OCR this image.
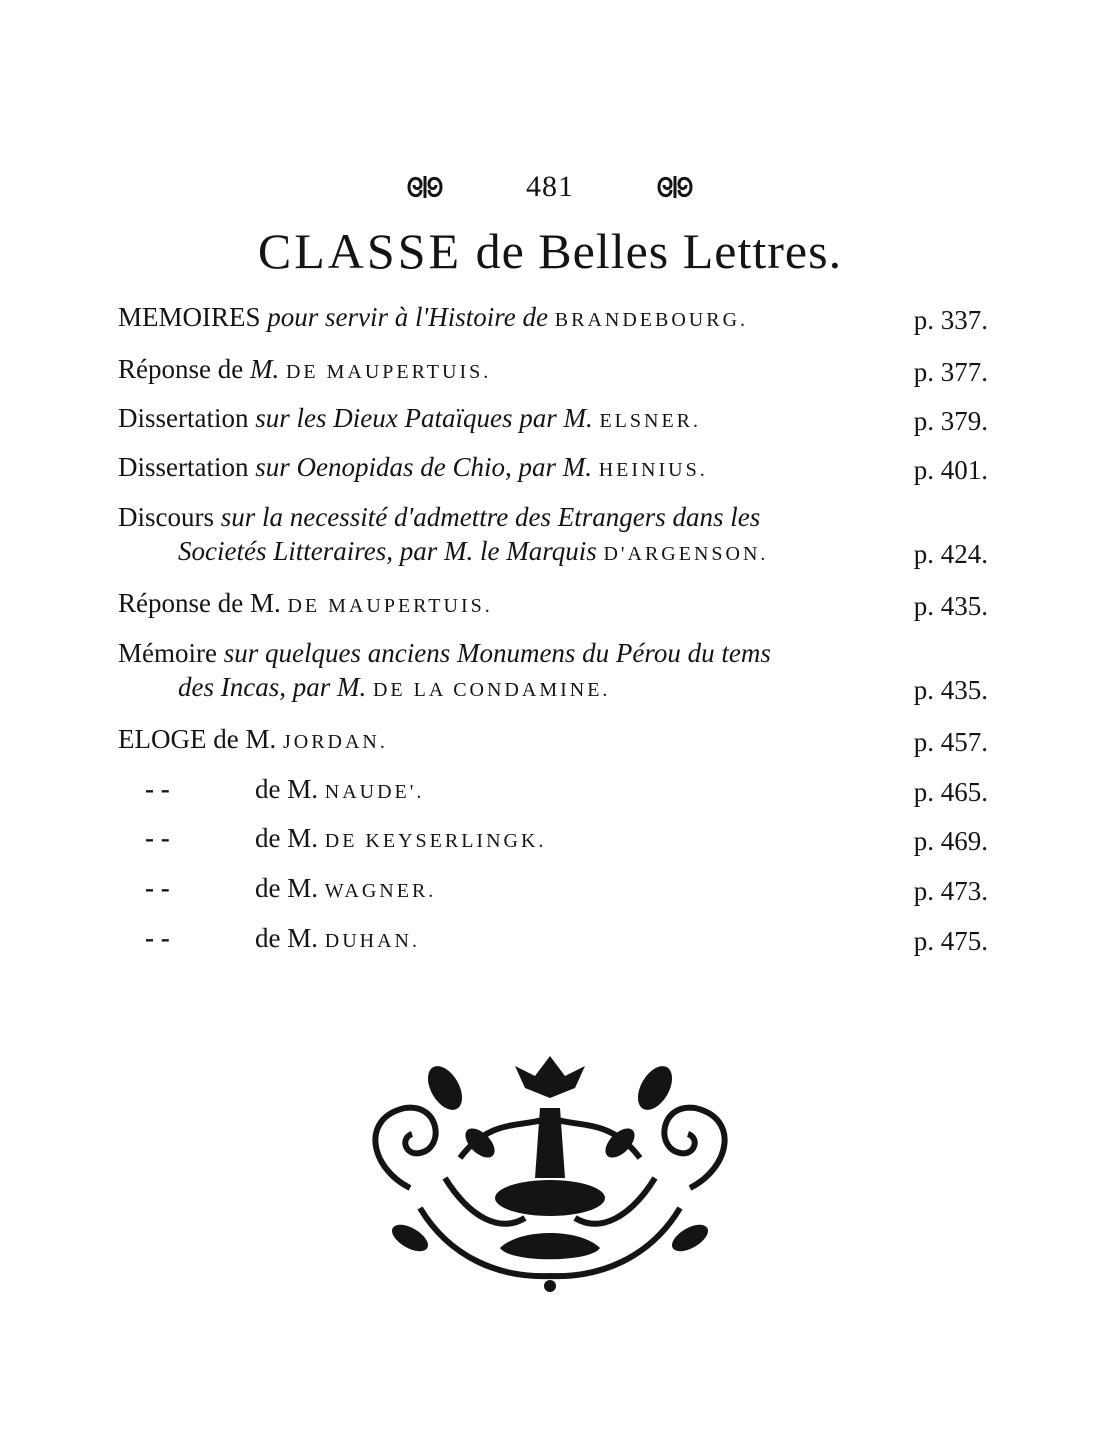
481
CLASSE de Belles Lettres.
MEMOIRES pour servir à l'Histoire de BRANDEBOURG.	p. 337.
Réponse de M. DE MAUPERTUIS.	p. 377.
Dissertation sur les Dieux Pataïques par M. ELSNER.	p. 379.
Dissertation sur Oenopidas de Chio, par M. HEINIUS.	p. 401.
Discours sur la necessité d'admettre des Etrangers dans les
Societés Litteraires, par M. le Marquis D'ARGENSON.	p. 424.
Réponse de M. DE MAUPERTUIS.	p. 435.
Mémoire sur quelques anciens Monumens du Pérou du tems
des Incas, par M. DE LA CONDAMINE.	p. 435.
ELOGE de M. JORDAN.	p. 457.
- -	de M. NAUDE'.	p. 465.
- -	de M. DE KEYSERLINGK.	p. 469.
- -	de M. WAGNER.	p. 473.
- -	de M. DUHAN.	p. 475.
